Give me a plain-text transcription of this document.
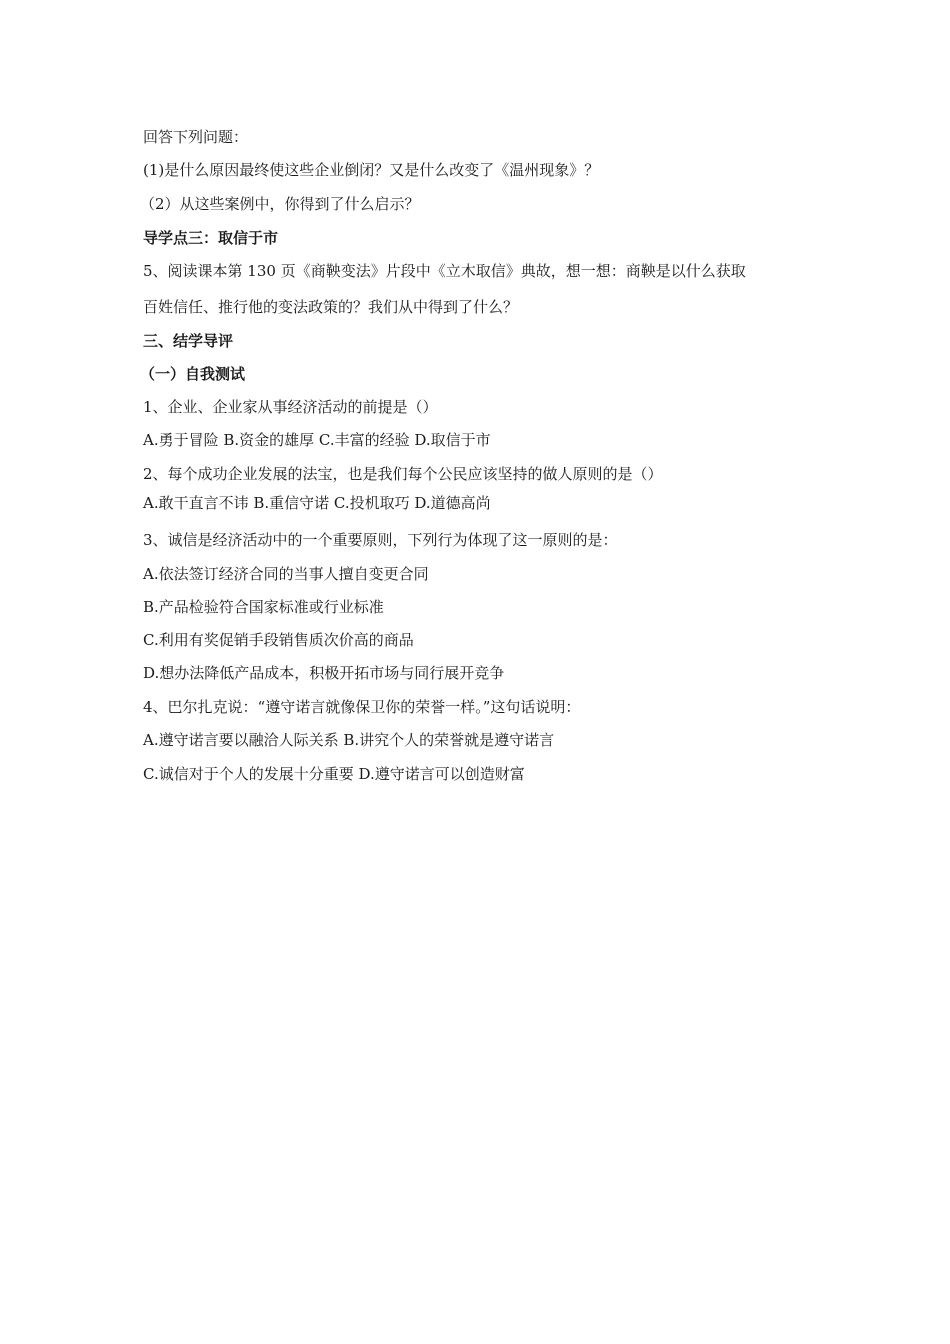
回答下列问题：
(1)是什么原因最终使这些企业倒闭？又是什么改变了《温州现象》？
（2）从这些案例中，你得到了什么启示？
导学点三：取信于市
5、阅读课本第 130 页《商鞅变法》片段中《立木取信》典故，想一想：商鞅是以什么获取
百姓信任、推行他的变法政策的？我们从中得到了什么？
三、结学导评
（一）自我测试
1、企业、企业家从事经济活动的前提是（）
A.勇于冒险 B.资金的雄厚 C.丰富的经验 D.取信于市
2、每个成功企业发展的法宝，也是我们每个公民应该坚持的做人原则的是（）
A.敢干直言不讳 B.重信守诺 C.投机取巧 D.道德高尚
3、诚信是经济活动中的一个重要原则，下列行为体现了这一原则的是：
A.依法签订经济合同的当事人擅自变更合同
B.产品检验符合国家标准或行业标准
C.利用有奖促销手段销售质次价高的商品
D.想办法降低产品成本，积极开拓市场与同行展开竞争
4、巴尔扎克说：“遵守诺言就像保卫你的荣誉一样。”这句话说明：
A.遵守诺言要以融洽人际关系 B.讲究个人的荣誉就是遵守诺言
C.诚信对于个人的发展十分重要 D.遵守诺言可以创造财富
